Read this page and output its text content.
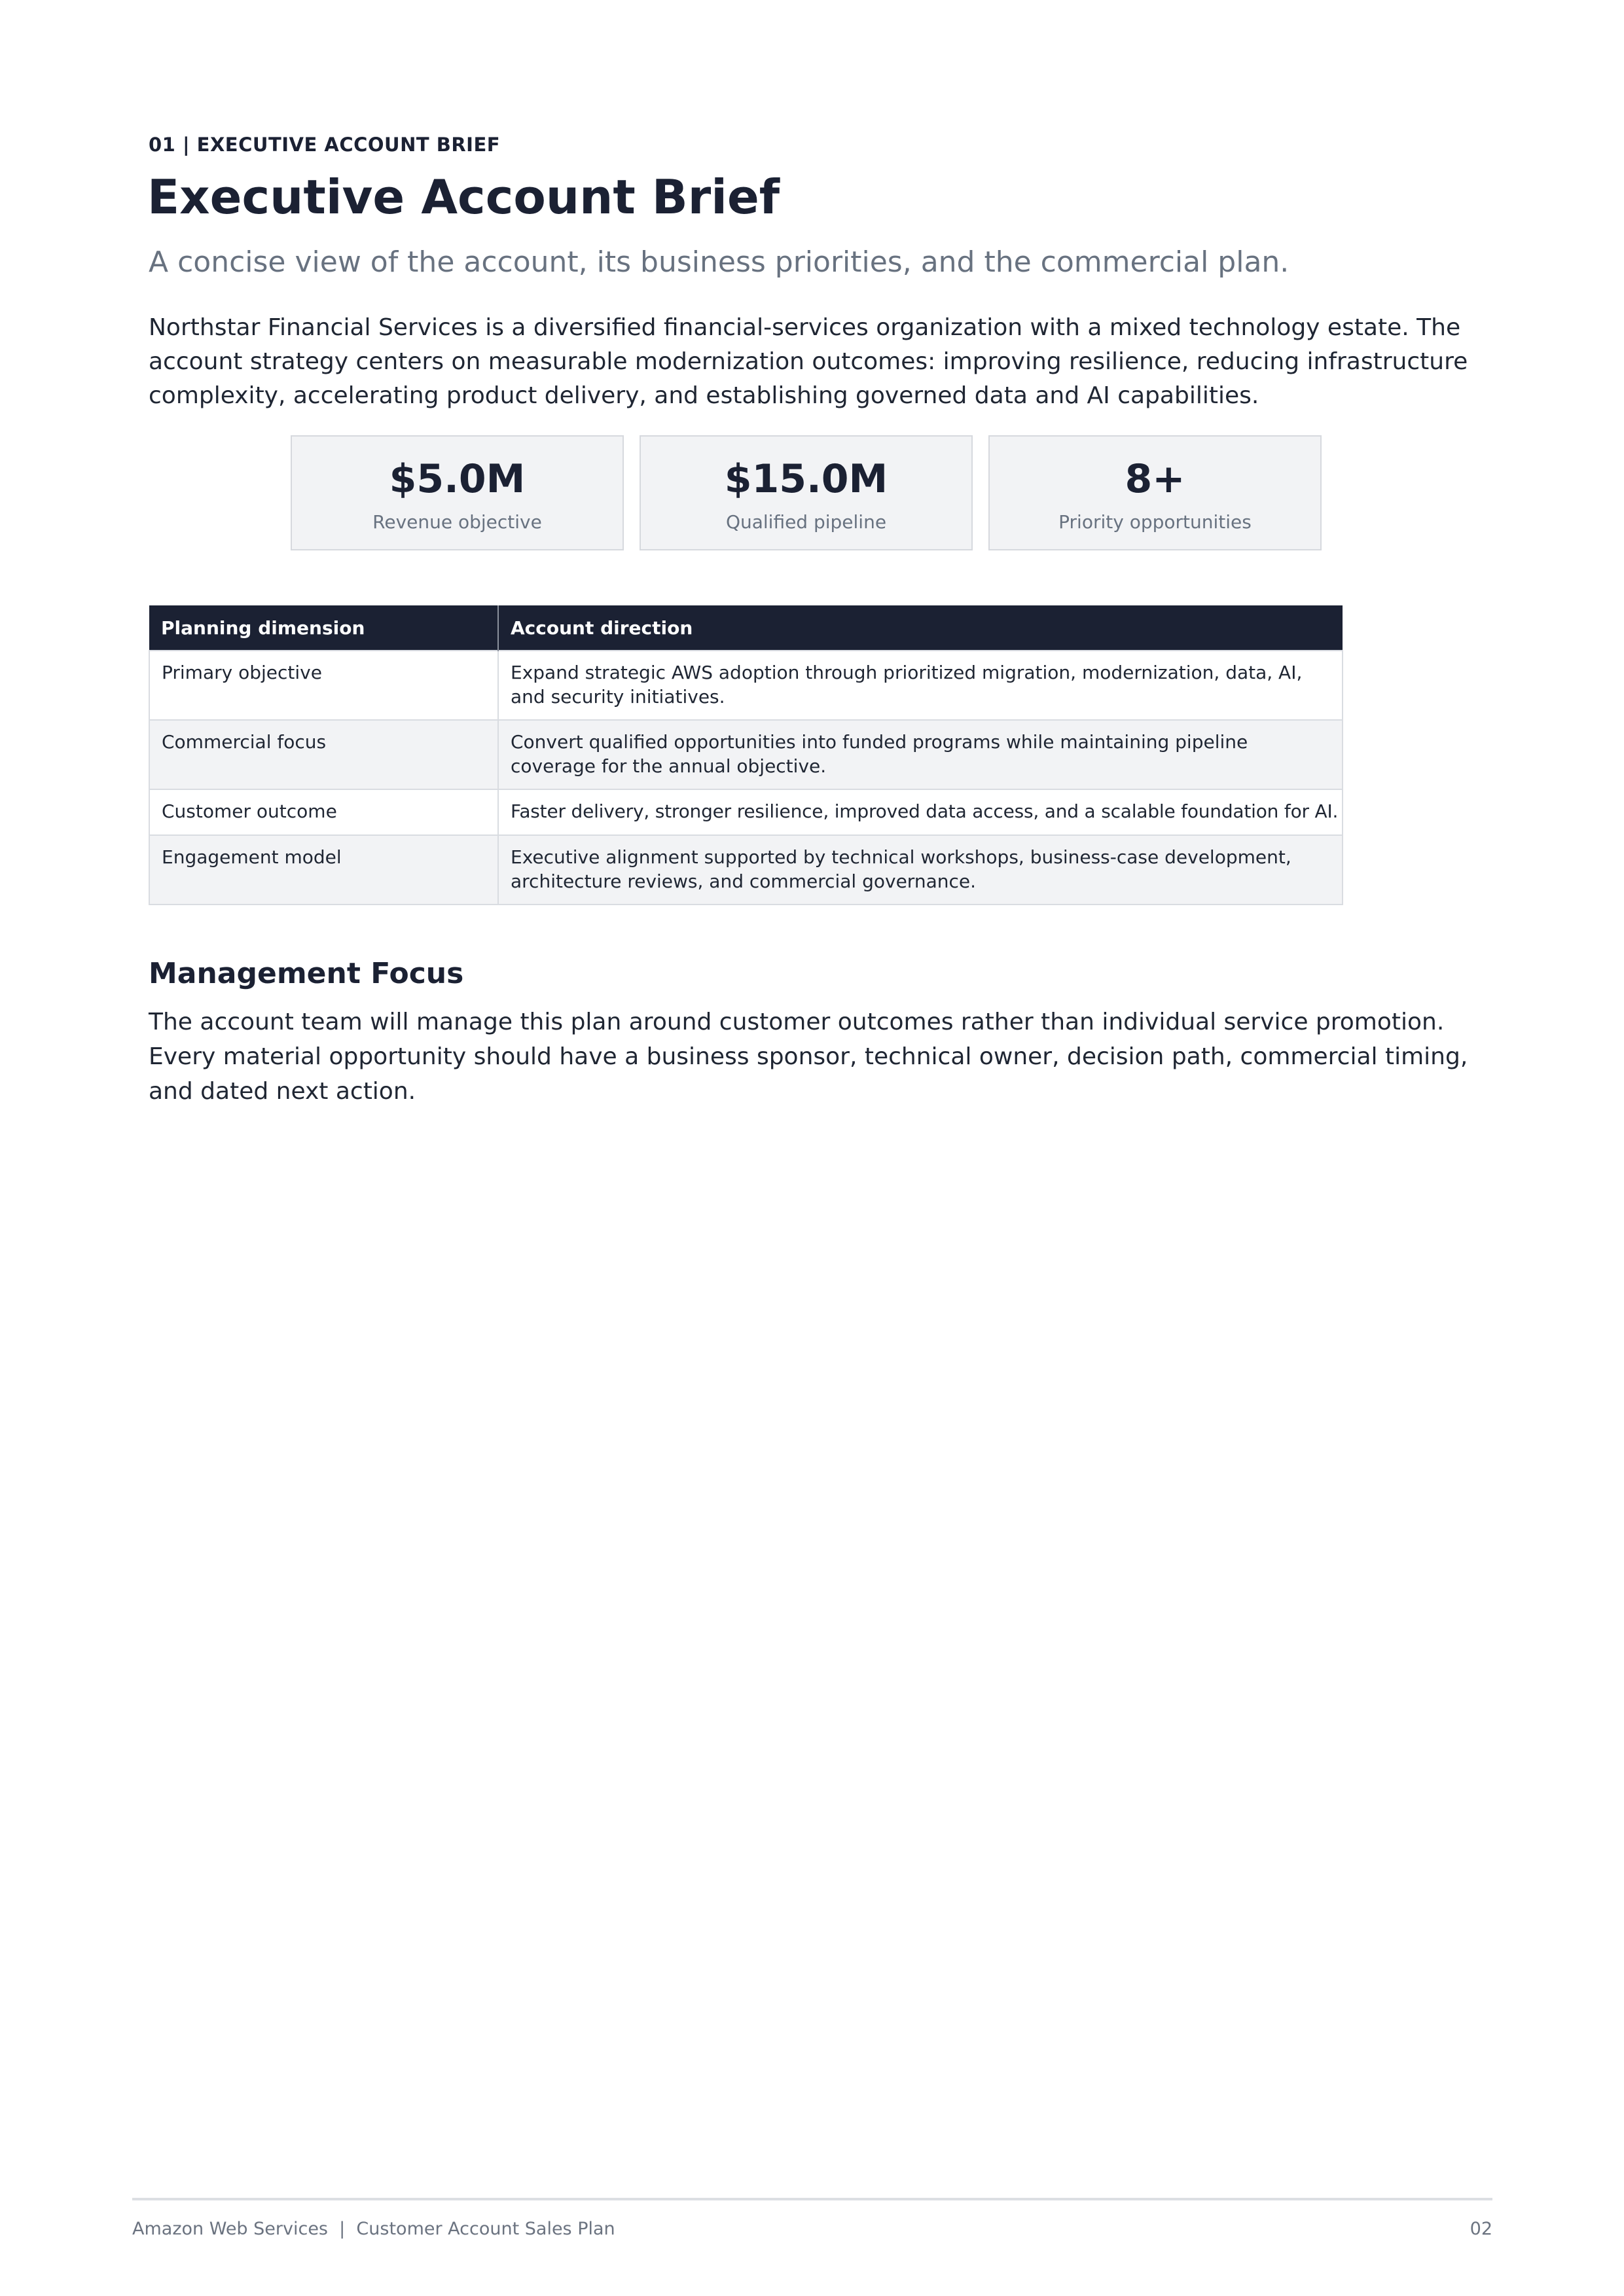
01 | EXECUTIVE ACCOUNT BRIEF
Executive Account Brief
A concise view of the account, its business priorities, and the commercial plan.

Northstar Financial Services is a diversified financial-services organization with a mixed technology estate. The account strategy centers on measurable modernization outcomes: improving resilience, reducing infrastructure complexity, accelerating product delivery, and establishing governed data and AI capabilities.

$5.0M
Revenue objective
$15.0M
Qualified pipeline
8+
Priority opportunities
Planning dimension	Account direction
Primary objective	Expand strategic AWS adoption through prioritized migration, modernization, data, AI, and security initiatives.
Commercial focus	Convert qualified opportunities into funded programs while maintaining pipeline coverage for the annual objective.
Customer outcome	Faster delivery, stronger resilience, improved data access, and a scalable foundation for AI.
Engagement model	Executive alignment supported by technical workshops, business-case development, architecture reviews, and commercial governance.
Management Focus

The account team will manage this plan around customer outcomes rather than individual service promotion. Every material opportunity should have a business sponsor, technical owner, decision path, commercial timing, and dated next action.

Amazon Web Services  |  Customer Account Sales Plan	02
